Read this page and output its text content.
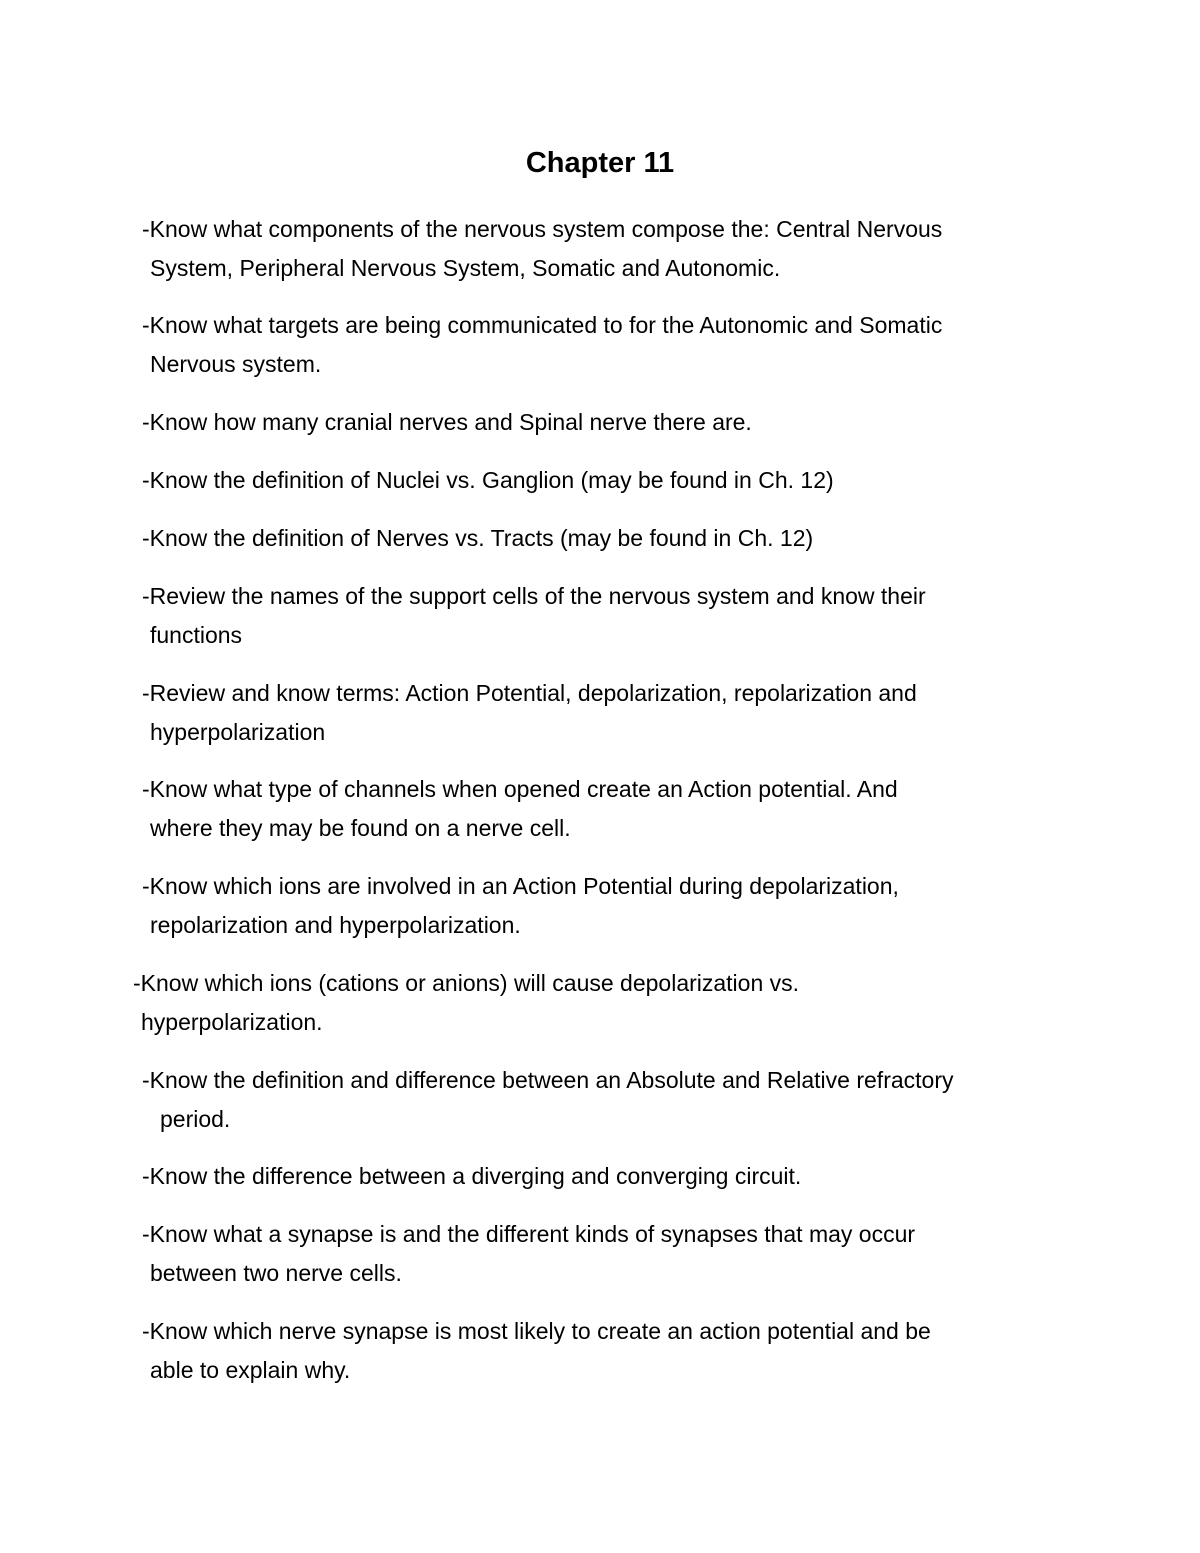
Chapter 11
-Know what components of the nervous system compose the: Central Nervous
System, Peripheral Nervous System, Somatic and Autonomic.
-Know what targets are being communicated to for the Autonomic and Somatic
Nervous system.
-Know how many cranial nerves and Spinal nerve there are.
-Know the definition of Nuclei vs. Ganglion (may be found in Ch. 12)
-Know the definition of Nerves vs. Tracts (may be found in Ch. 12)
-Review the names of the support cells of the nervous system and know their
functions
-Review and know terms: Action Potential, depolarization, repolarization and
hyperpolarization
-Know what type of channels when opened create an Action potential. And
where they may be found on a nerve cell.
-Know which ions are involved in an Action Potential during depolarization,
repolarization and hyperpolarization.
-Know which ions (cations or anions) will cause depolarization vs.
hyperpolarization.
-Know the definition and difference between an Absolute and Relative refractory
period.
-Know the difference between a diverging and converging circuit.
-Know what a synapse is and the different kinds of synapses that may occur
between two nerve cells.
-Know which nerve synapse is most likely to create an action potential and be
able to explain why.
